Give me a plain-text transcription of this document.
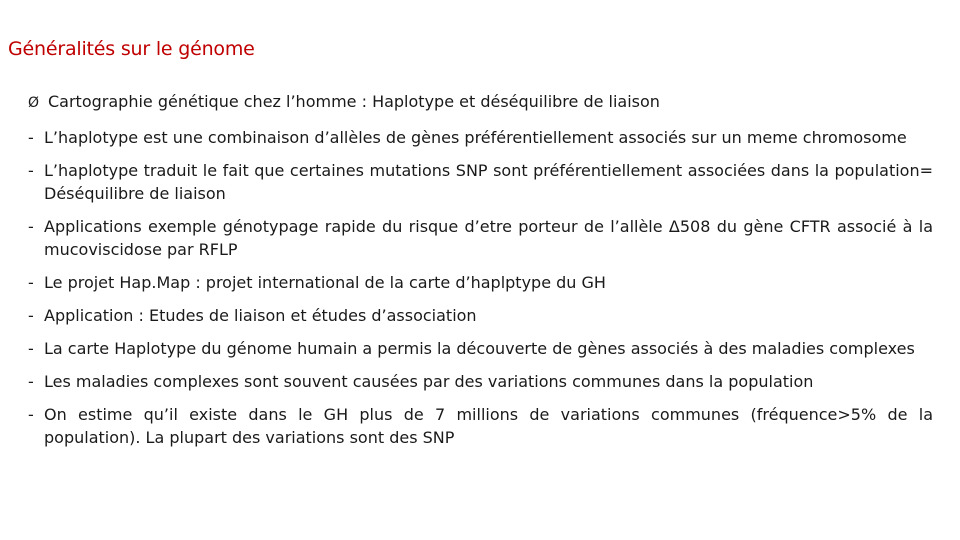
Généralités sur le génome
Ø Cartographie génétique chez l’homme : Haplotype et déséquilibre de liaison
- L’haplotype est une combinaison d’allèles de gènes préférentiellement associés sur un meme chromosome
- L’haplotype traduit le fait que certaines mutations SNP sont préférentiellement associées dans la population= Déséquilibre de liaison
- Applications exemple génotypage rapide du risque d’etre porteur de l’allèle Δ508 du gène CFTR associé à la mucoviscidose par RFLP
- Le projet Hap.Map : projet international de la carte d’haplptype du GH
- Application : Etudes de liaison et études d’association
- La carte Haplotype du génome humain a permis la découverte de gènes associés à des maladies complexes
- Les maladies complexes sont souvent causées par des variations communes dans la population
- On estime qu’il existe dans le GH plus de 7 millions de variations communes (fréquence>5% de la population). La plupart des variations sont des SNP
